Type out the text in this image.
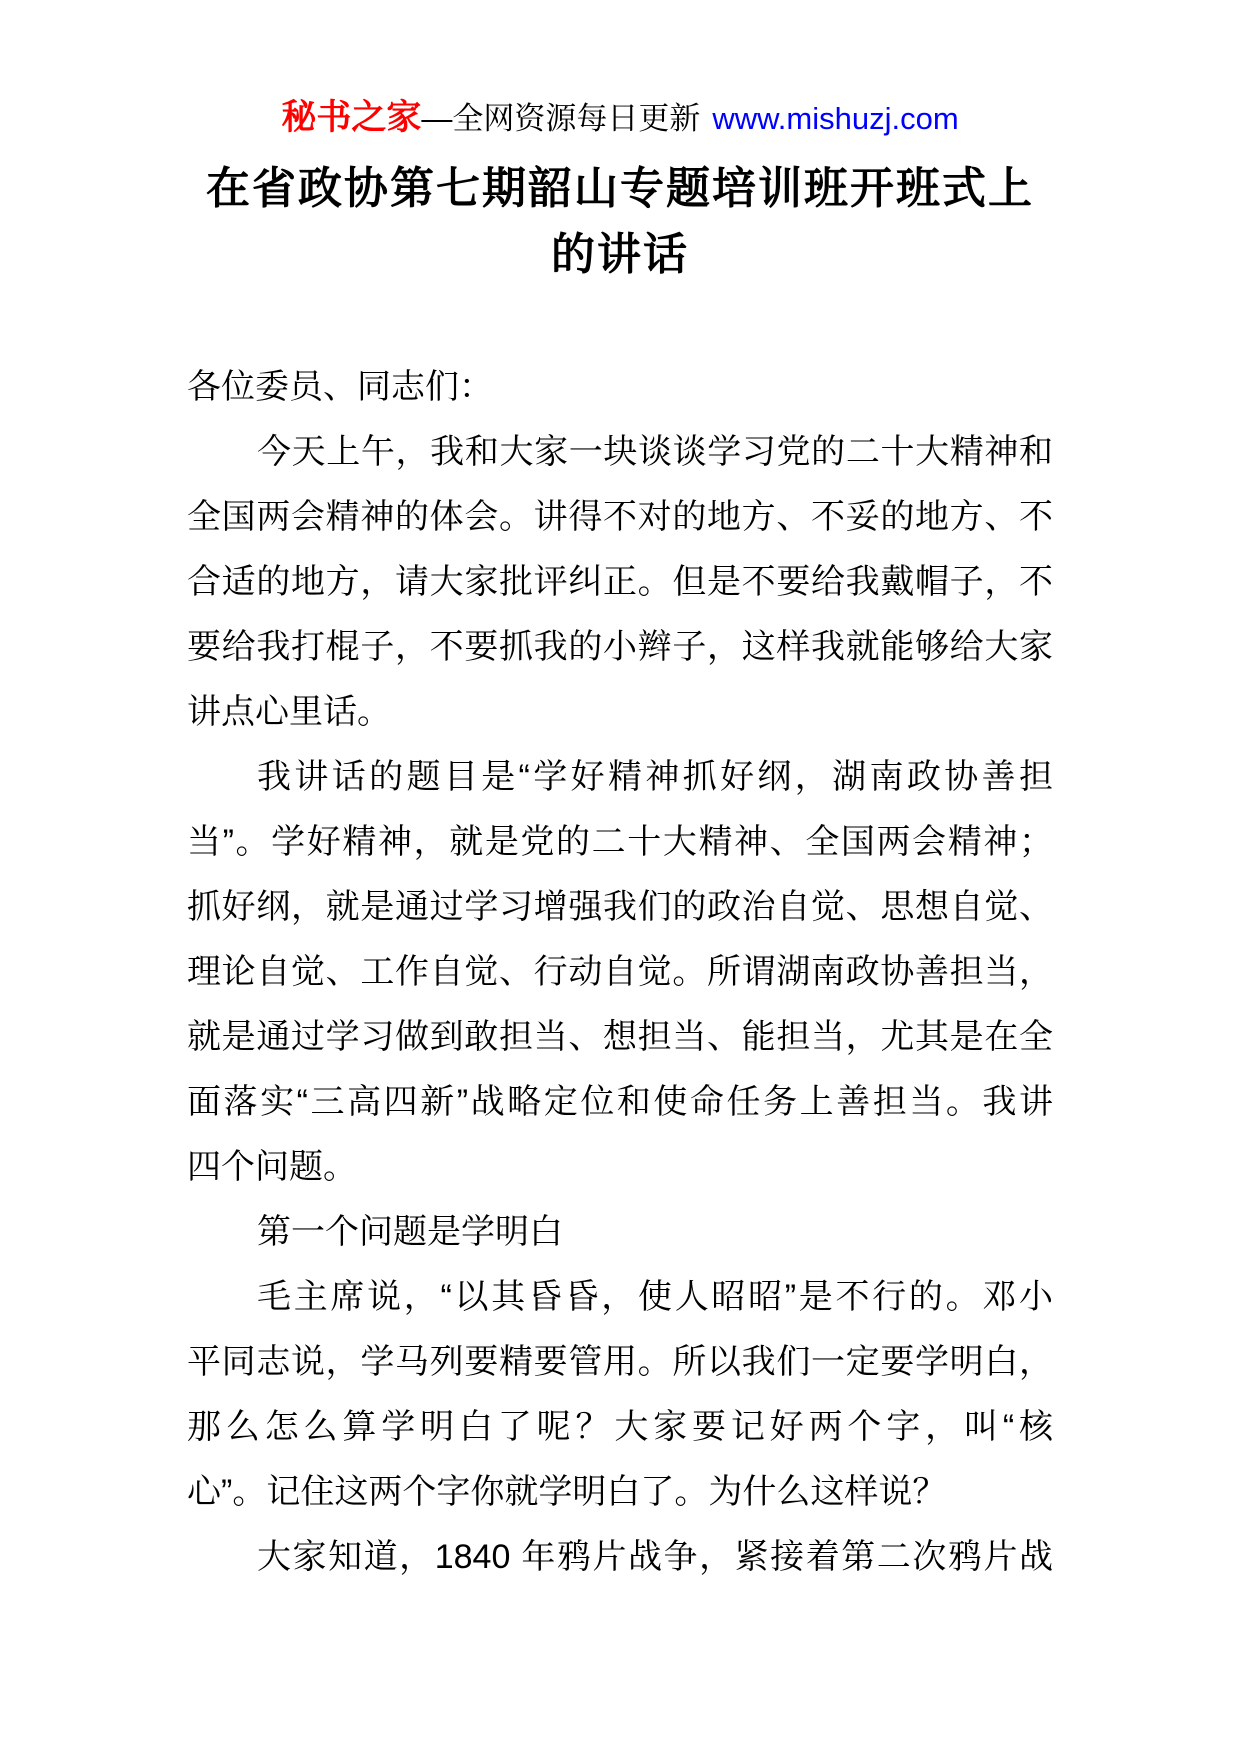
秘书之家—全网资源每日更新 www.mishuzj.com
在省政协第七期韶山专题培训班开班式上
的讲话
各位委员、同志们：
今天上午，我和大家一块谈谈学习党的二十大精神和
全国两会精神的体会。讲得不对的地方、不妥的地方、不
合适的地方，请大家批评纠正。但是不要给我戴帽子，不
要给我打棍子，不要抓我的小辫子，这样我就能够给大家
讲点心里话。
我讲话的题目是“学好精神抓好纲，湖南政协善担
当”。学好精神，就是党的二十大精神、全国两会精神；
抓好纲，就是通过学习增强我们的政治自觉、思想自觉、
理论自觉、工作自觉、行动自觉。所谓湖南政协善担当，
就是通过学习做到敢担当、想担当、能担当，尤其是在全
面落实“三高四新”战略定位和使命任务上善担当。我讲
四个问题。
第一个问题是学明白
毛主席说，“以其昏昏，使人昭昭”是不行的。邓小
平同志说，学马列要精要管用。所以我们一定要学明白，
那么怎么算学明白了呢？大家要记好两个字，叫“核
心”。记住这两个字你就学明白了。为什么这样说？
大家知道，1840 年鸦片战争，紧接着第二次鸦片战
